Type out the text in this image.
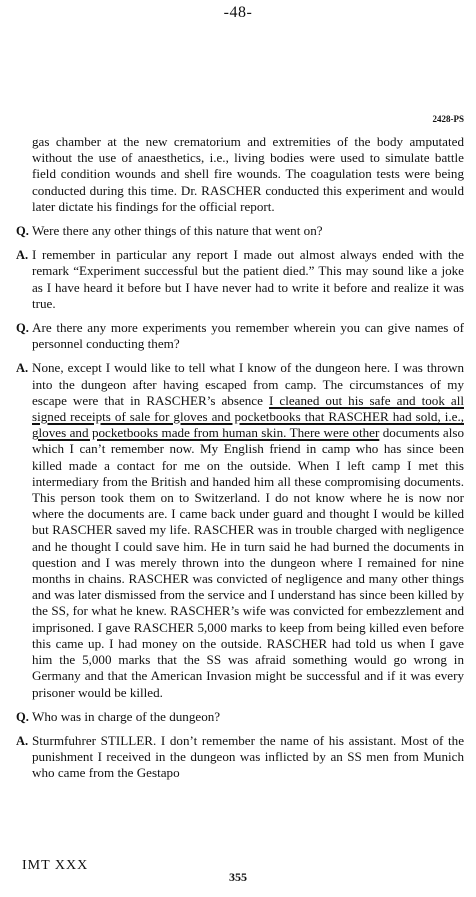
-48-
2428-PS

gas chamber at the new crematorium and extremities of the body amputated without the use of anaesthetics, i.e., living bodies were used to simulate battle field condition wounds and shell fire wounds. The coagulation tests were being conducted during this time. Dr. RASCHER conducted this experiment and would later dictate his findings for the official report.

Q. Were there any other things of this nature that went on?
A. I remember in particular any report I made out almost always ended with the remark “Experiment successful but the patient died.” This may sound like a joke as I have heard it before but I have never had to write it before and realize it was true.
Q. Are there any more experiments you remember wherein you can give names of personnel conducting them?
A. None, except I would like to tell what I know of the dungeon here. I was thrown into the dungeon after having escaped from camp. The circumstances of my escape were that in RASCHER’s absence I cleaned out his safe and took all signed receipts of sale for gloves and pocketbooks that RASCHER had sold, i.e., gloves and pocketbooks made from human skin. There were other documents also which I can’t remember now. My English friend in camp who has since been killed made a contact for me on the outside. When I left camp I met this intermediary from the British and handed him all these compromising documents. This person took them on to Switzerland. I do not know where he is now nor where the documents are. I came back under guard and thought I would be killed but RASCHER saved my life. RASCHER was in trouble charged with negligence and he thought I could save him. He in turn said he had burned the documents in question and I was merely thrown into the dungeon where I remained for nine months in chains. RASCHER was convicted of negligence and many other things and was later dismissed from the service and I understand has since been killed by the SS, for what he knew. RASCHER’s wife was convicted for embezzlement and imprisoned. I gave RASCHER 5,000 marks to keep from being killed even before this came up. I had money on the outside. RASCHER had told us when I gave him the 5,000 marks that the SS was afraid something would go wrong in Germany and that the American Invasion might be successful and if it was every prisoner would be killed.
Q. Who was in charge of the dungeon?
A. Sturmfuhrer STILLER. I don’t remember the name of his assistant. Most of the punishment I received in the dungeon was inflicted by an SS men from Munich who came from the Gestapo
IMT XXX
355
